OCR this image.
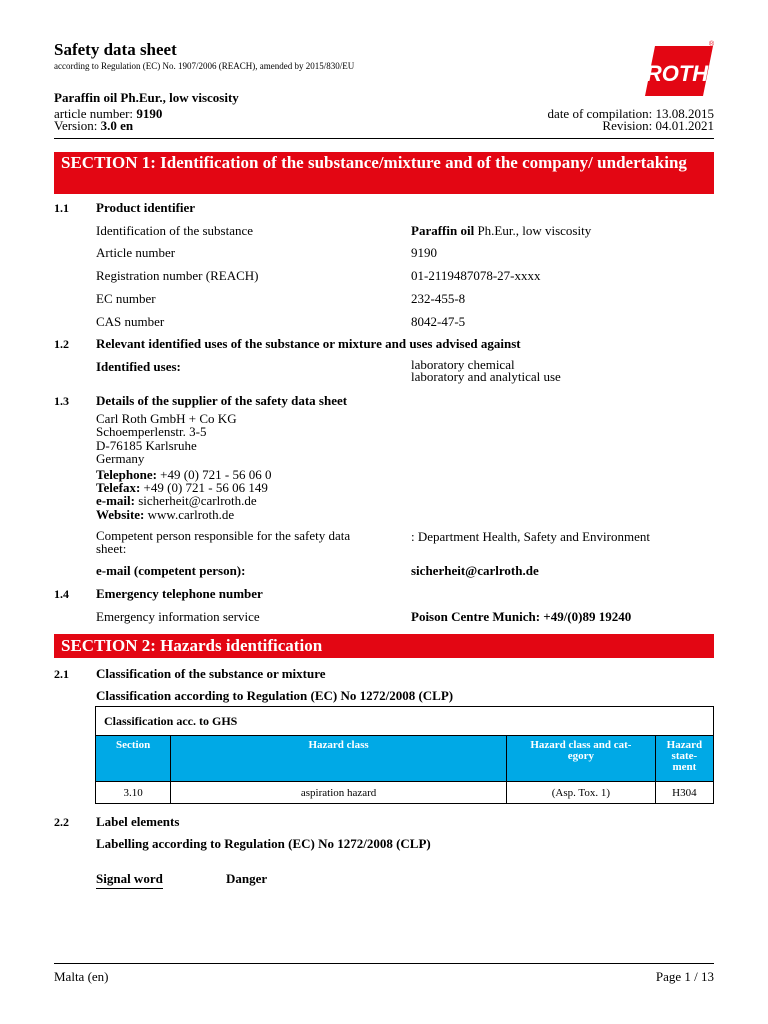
Safety data sheet
according to Regulation (EC) No. 1907/2006 (REACH), amended by 2015/830/EU	ROTH
®
Paraffin oil Ph.Eur., low viscosity
article number: 9190
Version: 3.0 en
date of compilation: 13.08.2015
Revision: 04.01.2021
SECTION 1: Identification of the substance/mixture and of the company/ undertaking
1.1 Product identifier
Identification of the substance	Paraffin oil Ph.Eur., low viscosity
Article number	9190
Registration number (REACH)	01-2119487078-27-xxxx
EC number	232-455-8
CAS number	8042-47-5
1.2 Relevant identified uses of the substance or mixture and uses advised against
Identified uses:	laboratory chemical
laboratory and analytical use
1.3 Details of the supplier of the safety data sheet
Carl Roth GmbH + Co KG
Schoemperlenstr. 3-5
D-76185 Karlsruhe
Germany
Telephone: +49 (0) 721 - 56 06 0
Telefax: +49 (0) 721 - 56 06 149
e-mail: sicherheit@carlroth.de
Website: www.carlroth.de
Competent person responsible for the safety data
sheet:
: Department Health, Safety and Environment
e-mail (competent person):	sicherheit@carlroth.de
1.4 Emergency telephone number
Emergency information service	Poison Centre Munich: +49/(0)89 19240
SECTION 2: Hazards identification
2.1 Classification of the substance or mixture
Classification according to Regulation (EC) No 1272/2008 (CLP)
Classification acc. to GHS			
Section	Hazard class	Hazard class and cat- egory	Hazard state- ment
3.10	aspiration hazard	(Asp. Tox. 1)	H304
2.2 Label elements
Labelling according to Regulation (EC) No 1272/2008 (CLP)
Signal word	Danger
Malta (en)	Page 1 / 13
